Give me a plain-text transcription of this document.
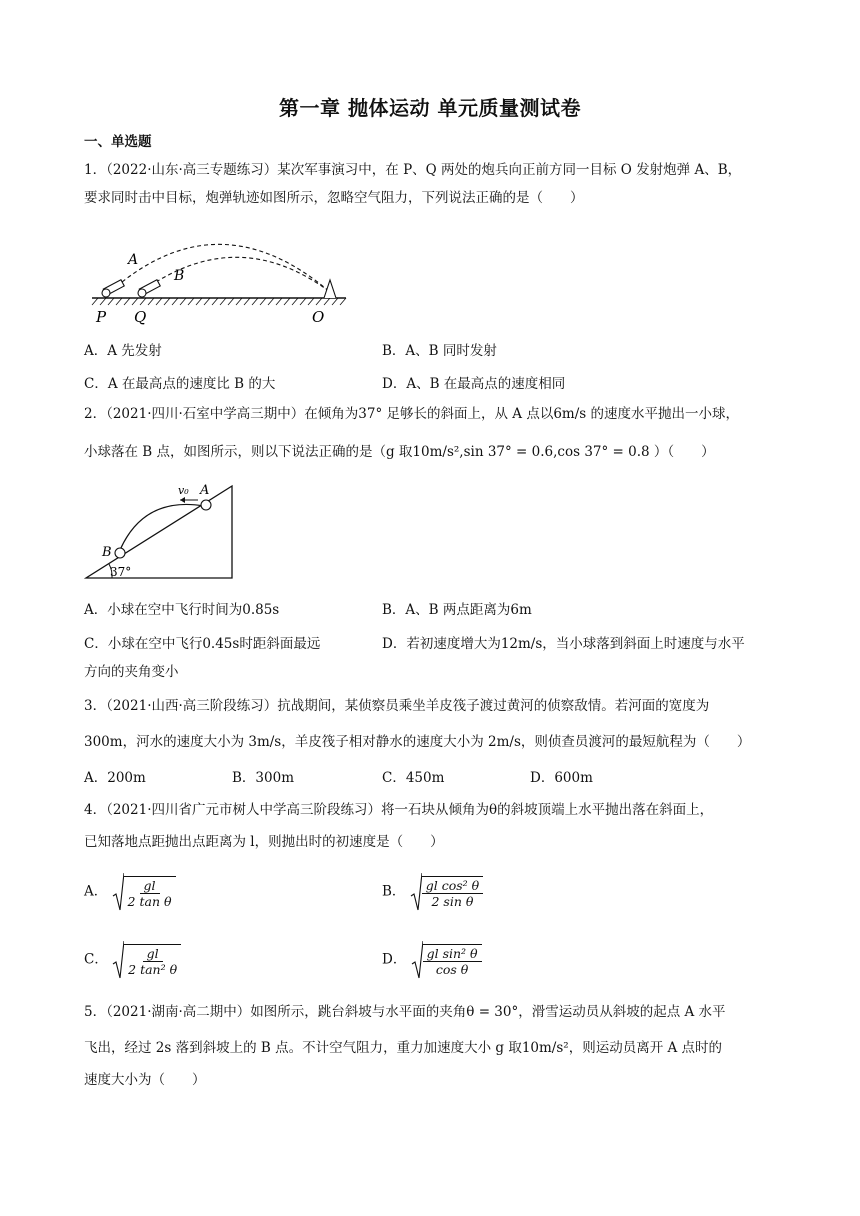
第一章 抛体运动 单元质量测试卷
一、单选题
1．（2022·山东·高三专题练习）某次军事演习中，在 P、Q 两处的炮兵向正前方同一目标 O 发射炮弹 A、B，
要求同时击中目标，炮弹轨迹如图所示，忽略空气阻力，下列说法正确的是（　　）
A
B
P Q	O
A．A 先发射	B．A、B 同时发射
C．A 在最高点的速度比 B 的大	D．A、B 在最高点的速度相同
2．（2021·四川·石室中学高三期中）在倾角为37° 足够长的斜面上，从 A 点以6m/s 的速度水平抛出一小球，
小球落在 B 点，如图所示，则以下说法正确的是（g 取10m/s²,sin 37° = 0.6,cos 37° = 0.8 ）（　　）
37°
v₀ A
B
A．小球在空中飞行时间为0.85s	B．A、B 两点距离为6m
C．小球在空中飞行0.45s时距斜面最远	D．若初速度增大为12m/s，当小球落到斜面上时速度与水平
方向的夹角变小
3．（2021·山西·高三阶段练习）抗战期间，某侦察员乘坐羊皮筏子渡过黄河的侦察敌情。若河面的宽度为
300m，河水的速度大小为 3m/s，羊皮筏子相对静水的速度大小为 2m/s，则侦查员渡河的最短航程为（　　）
A．200m	B．300m	C．450m	D．600m
4．（2021·四川省广元市树人中学高三阶段练习）将一石块从倾角为θ的斜坡顶端上水平抛出落在斜面上，
已知落地点距抛出点距离为 l，则抛出时的初速度是（　　）
A． $\frac{gl}{\text{2 tan θ}}$	B． $\frac{\text{gl cos² θ}}{\text{2 sin θ}}$
C． $\frac{gl}{\text{2 tan² θ}}$	D． $\frac{\text{gl sin² θ}}{\text{cos θ}}$
5．（2021·湖南·高二期中）如图所示，跳台斜坡与水平面的夹角θ = 30°，滑雪运动员从斜坡的起点 A 水平
飞出，经过 2s 落到斜坡上的 B 点。不计空气阻力，重力加速度大小 g 取10m/s²，则运动员离开 A 点时的
速度大小为（　　）
